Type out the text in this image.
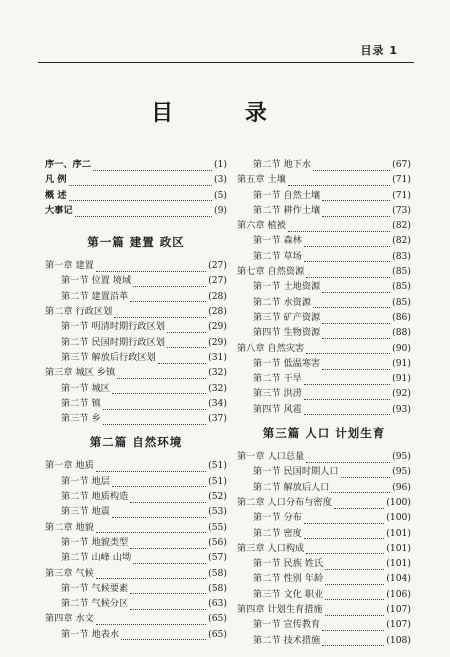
目录 1
目 录
序一、序二	(1)
凡 例	(3)
概 述	(5)
大事记	(9)
第一篇 建置 政区
第一章 建置	(27)
第一节 位置 境域	(27)
第二节 建置沿革	(28)
第二章 行政区划	(28)
第一节 明清时期行政区划	(29)
第二节 民国时期行政区划	(29)
第三节 解放后行政区划	(31)
第三章 城区 乡镇	(32)
第一节 城区	(32)
第二节 镇	(34)
第三节 乡	(37)
第二篇 自然环境
第一章 地质	(51)
第一节 地层	(51)
第二节 地质构造	(52)
第三节 地震	(53)
第二章 地貌	(55)
第一节 地貌类型	(56)
第二节 山峰 山坳	(57)
第三章 气候	(58)
第一节 气候要素	(58)
第二节 气候分区	(63)
第四章 水文	(65)
第一节 地表水	(65)
第二节 地下水	(67)
第五章 土壤	(71)
第一节 自然土壤	(71)
第二节 耕作土壤	(73)
第六章 植被	(82)
第一节 森林	(82)
第二节 草场	(83)
第七章 自然资源	(85)
第一节 土地资源	(85)
第二节 水资源	(85)
第三节 矿产资源	(86)
第四节 生物资源	(88)
第八章 自然灾害	(90)
第一节 低温寒害	(91)
第二节 干旱	(91)
第三节 洪涝	(92)
第四节 风雹	(93)
第三篇 人口 计划生育
第一章 人口总量	(95)
第一节 民国时期人口	(95)
第二节 解放后人口	(96)
第二章 人口分布与密度	(100)
第一节 分布	(100)
第二节 密度	(101)
第三章 人口构成	(101)
第一节 民族 姓氏	(101)
第二节 性别 年龄	(104)
第三节 文化 职业	(106)
第四章 计划生育措施	(107)
第一节 宣传教育	(107)
第二节 技术措施	(108)
